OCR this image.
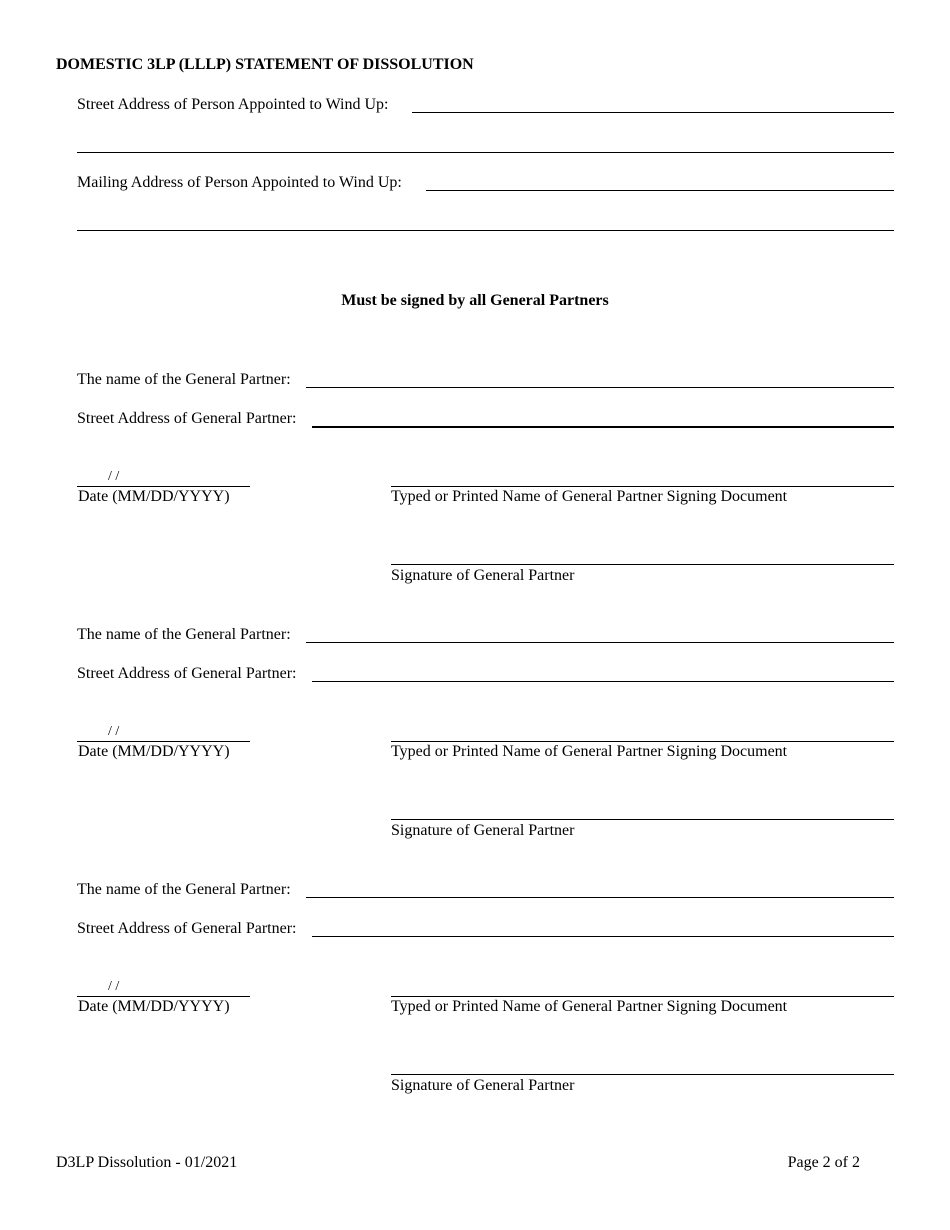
DOMESTIC 3LP (LLLP) STATEMENT OF DISSOLUTION
Street Address of Person Appointed to Wind Up:
Mailing Address of Person Appointed to Wind Up:
Must be signed by all General Partners
The name of the General Partner:
Street Address of General Partner:
/ /
Date (MM/DD/YYYY)	Typed or Printed Name of General Partner Signing Document
Signature of General Partner
The name of the General Partner:
Street Address of General Partner:
/ /
Date (MM/DD/YYYY)	Typed or Printed Name of General Partner Signing Document
Signature of General Partner
The name of the General Partner:
Street Address of General Partner:
/ /
Date (MM/DD/YYYY)	Typed or Printed Name of General Partner Signing Document
Signature of General Partner
D3LP Dissolution - 01/2021	Page 2 of 2
